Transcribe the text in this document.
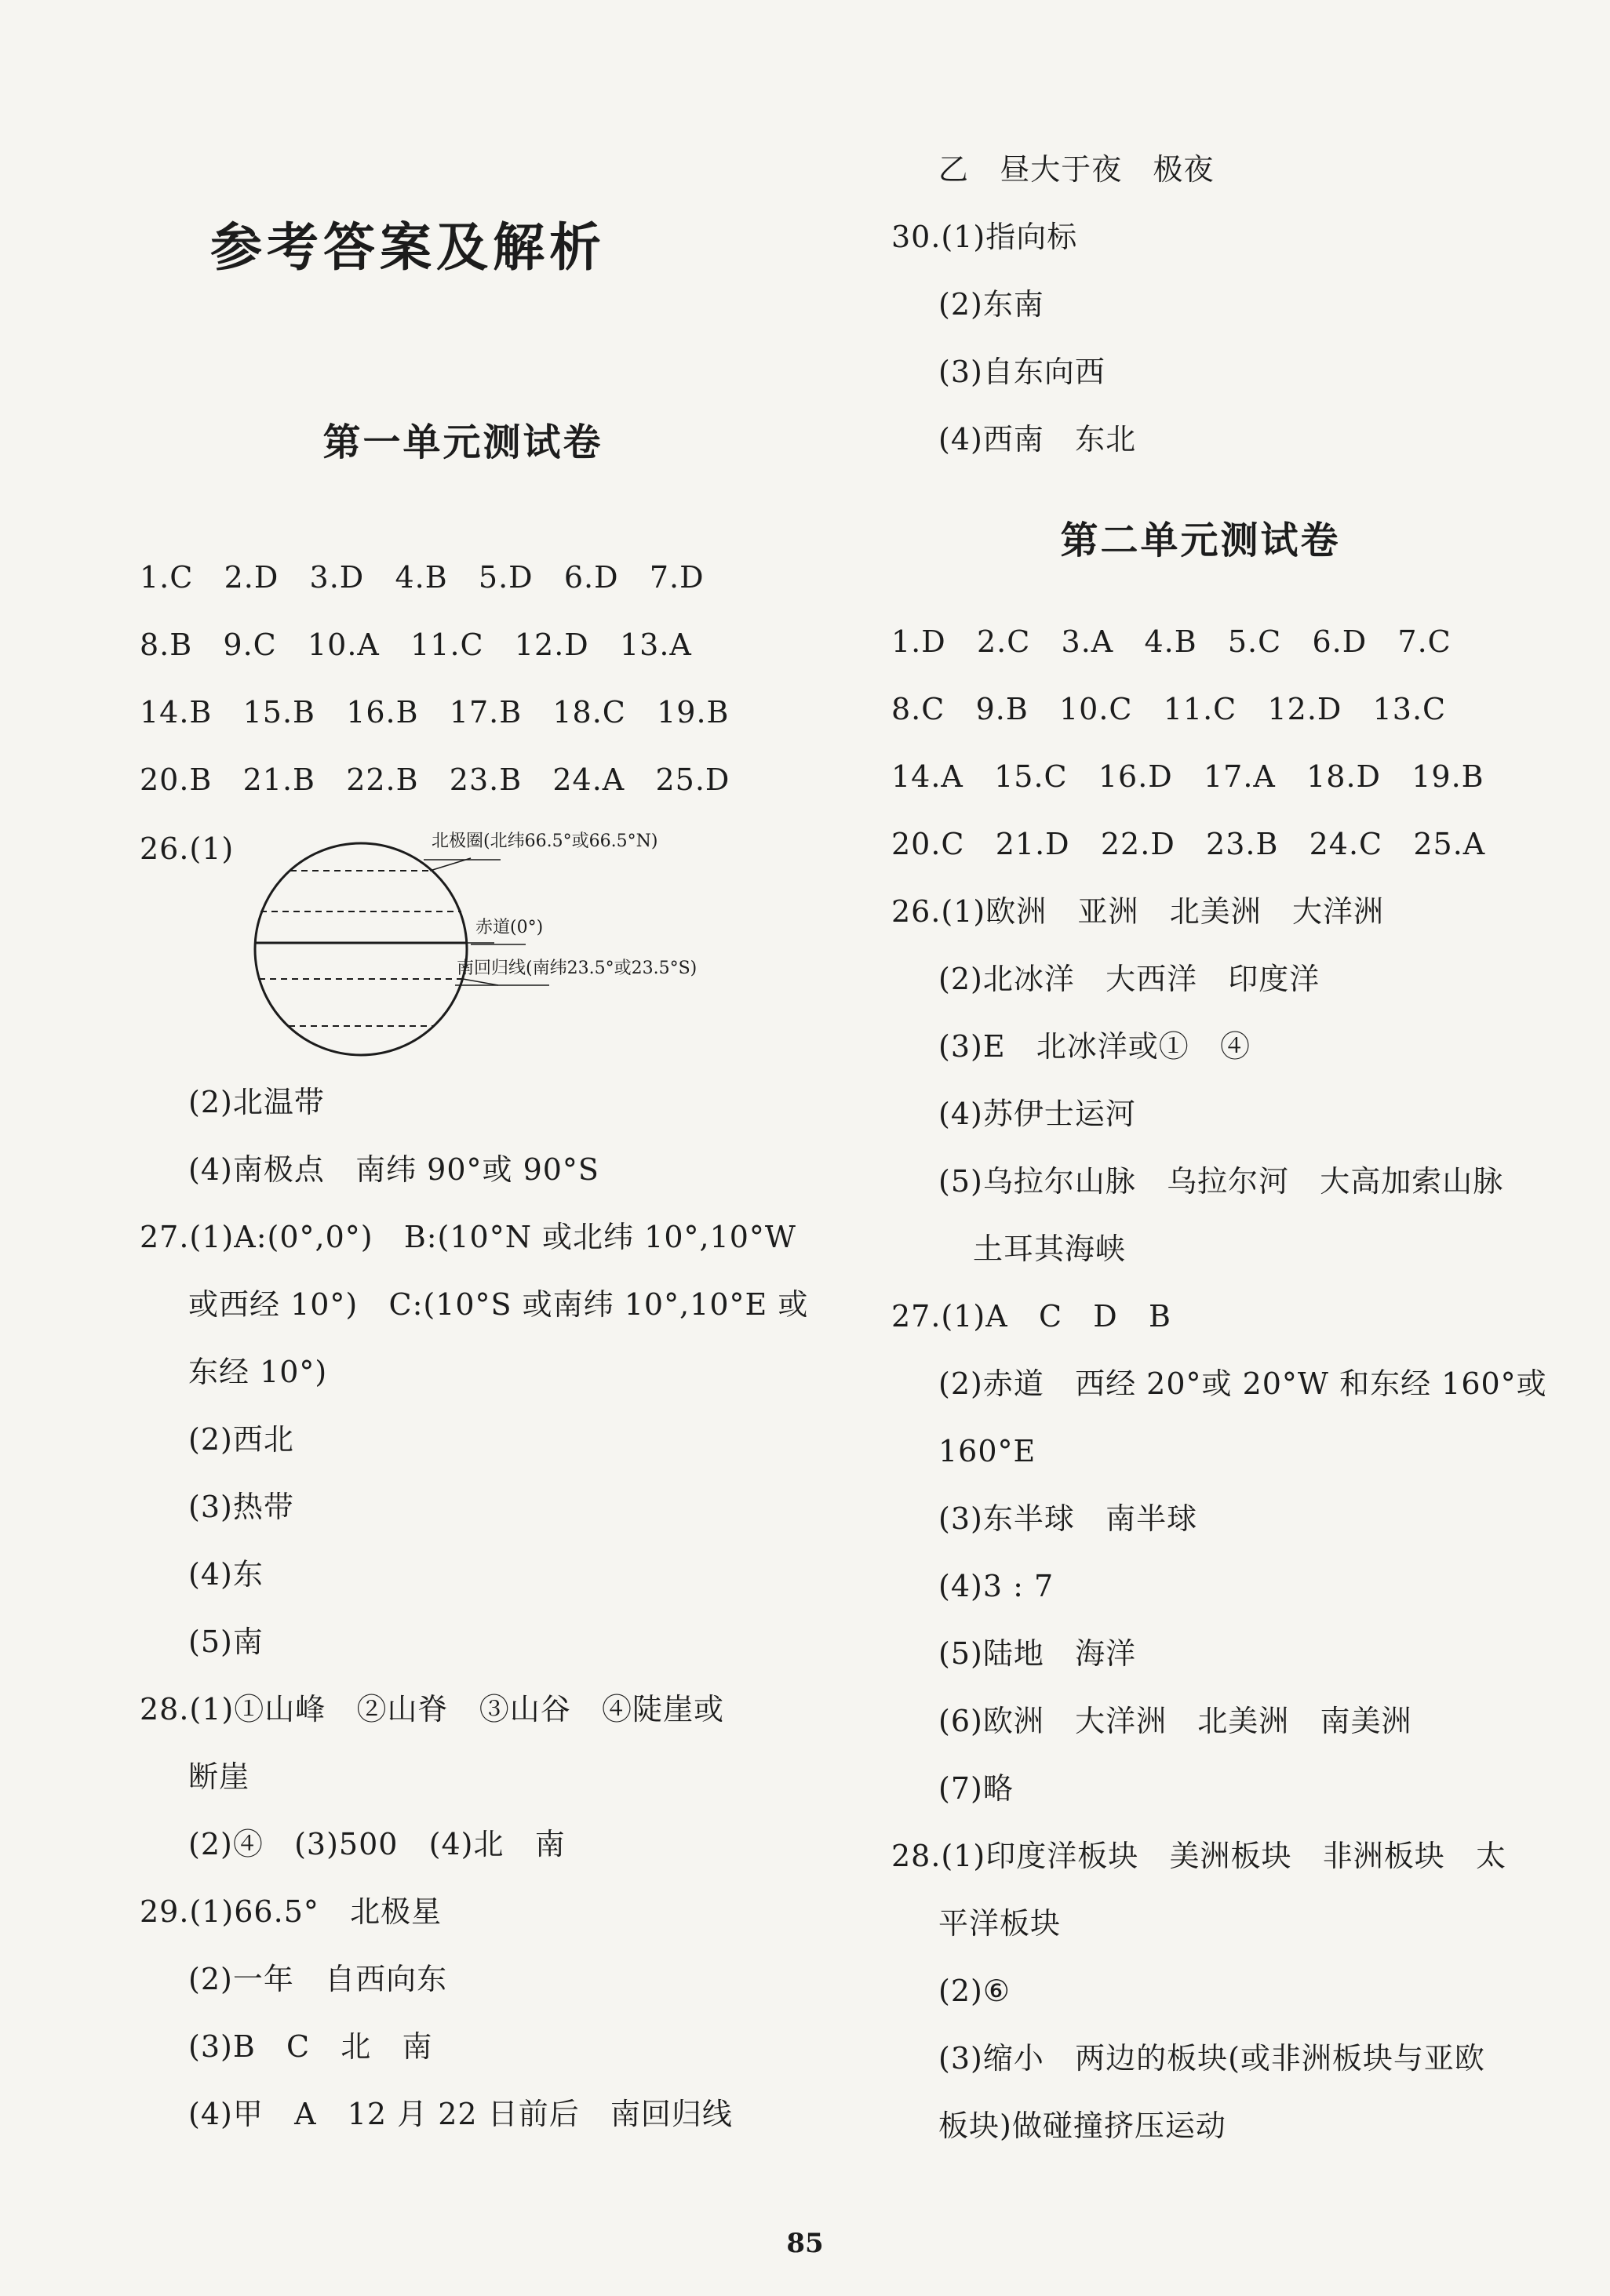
参考答案及解析
第一单元测试卷
1.C   2.D   3.D   4.B   5.D   6.D   7.D
8.B   9.C   10.A   11.C   12.D   13.A
14.B   15.B   16.B   17.B   18.C   19.B
20.B   21.B   22.B   23.B   24.A   25.D
26.(1)	北极圈(北纬66.5°或66.5°N)
赤道(0°)
南回归线(南纬23.5°或23.5°S)
(2)北温带
(4)南极点   南纬 90°或 90°S
27.(1)A:(0°,0°)   B:(10°N 或北纬 10°,10°W
或西经 10°)   C:(10°S 或南纬 10°,10°E 或
东经 10°)
(2)西北
(3)热带
(4)东
(5)南
28.(1)①山峰   ②山脊   ③山谷   ④陡崖或
断崖
(2)④   (3)500   (4)北   南
29.(1)66.5°   北极星
(2)一年   自西向东
(3)B   C   北   南
(4)甲   A   12 月 22 日前后   南回归线
乙   昼大于夜   极夜
30.(1)指向标
(2)东南
(3)自东向西
(4)西南   东北
第二单元测试卷
1.D   2.C   3.A   4.B   5.C   6.D   7.C
8.C   9.B   10.C   11.C   12.D   13.C
14.A   15.C   16.D   17.A   18.D   19.B
20.C   21.D   22.D   23.B   24.C   25.A
26.(1)欧洲   亚洲   北美洲   大洋洲
(2)北冰洋   大西洋   印度洋
(3)E   北冰洋或①   ④
(4)苏伊士运河
(5)乌拉尔山脉   乌拉尔河   大高加索山脉
土耳其海峡
27.(1)A   C   D   B
(2)赤道   西经 20°或 20°W 和东经 160°或
160°E
(3)东半球   南半球
(4)3 : 7
(5)陆地   海洋
(6)欧洲   大洋洲   北美洲   南美洲
(7)略
28.(1)印度洋板块   美洲板块   非洲板块   太
平洋板块
(2)⑥
(3)缩小   两边的板块(或非洲板块与亚欧
板块)做碰撞挤压运动
85
